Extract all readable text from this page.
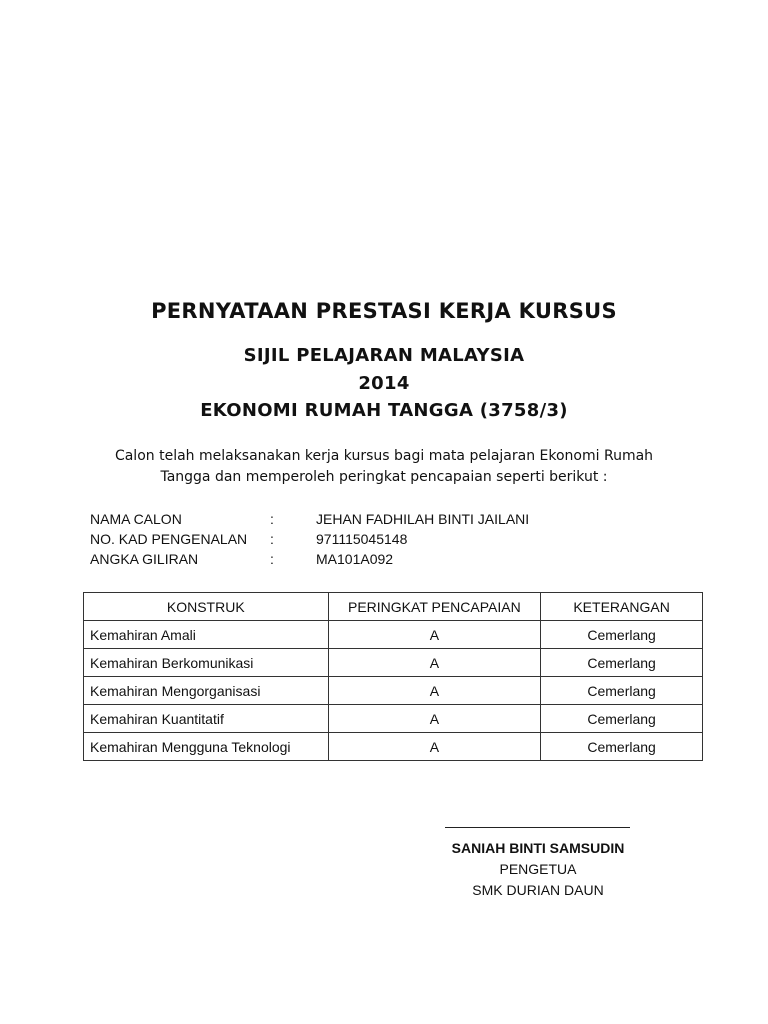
PERNYATAAN PRESTASI KERJA KURSUS
SIJIL PELAJARAN MALAYSIA
2014
EKONOMI RUMAH TANGGA (3758/3)
Calon telah melaksanakan kerja kursus bagi mata pelajaran Ekonomi Rumah
Tangga dan memperoleh peringkat pencapaian seperti berikut :
NAMA CALON	:	JEHAN FADHILAH BINTI JAILANI
NO. KAD PENGENALAN :	971115045148
ANGKA GILIRAN	:	MA101A092
KONSTRUK	PERINGKAT PENCAPAIAN	KETERANGAN
Kemahiran Amali	A	Cemerlang
Kemahiran Berkomunikasi	A	Cemerlang
Kemahiran Mengorganisasi	A	Cemerlang
Kemahiran Kuantitatif	A	Cemerlang
Kemahiran Mengguna Teknologi	A	Cemerlang
SANIAH BINTI SAMSUDIN
PENGETUA
SMK DURIAN DAUN
